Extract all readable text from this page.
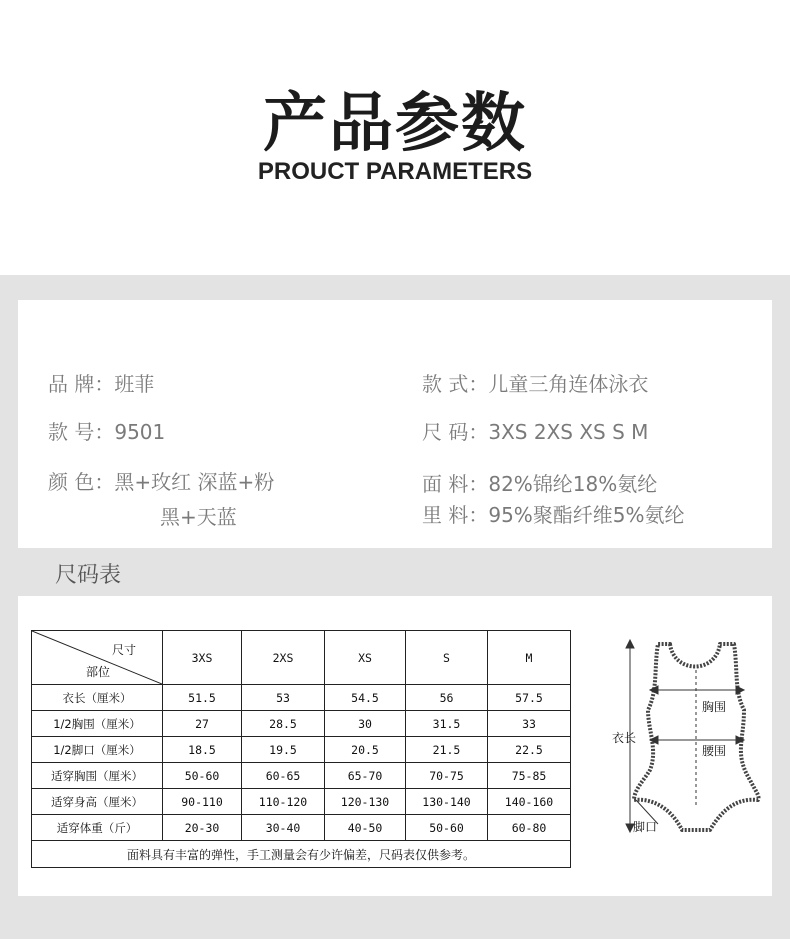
产品参数
PROUCT PARAMETERS
品 牌：班菲	款 式：儿童三角连体泳衣
款 号：9501	尺 码：3XS 2XS XS S M
颜 色：黑+玫红 深蓝+粉
黑+天蓝
面 料：82%锦纶18%氨纶
里 料：95%聚酯纤维5%氨纶
尺码表
尺寸
部位	3XS	2XS	XS	S	M
衣长（厘米）	51.5	53	54.5	56	57.5
1/2胸围（厘米）	27	28.5	30	31.5	33
1/2脚口（厘米）	18.5	19.5	20.5	21.5	22.5
适穿胸围（厘米）	50-60	60-65	65-70	70-75	75-85
适穿身高（厘米）	90-110	110-120	120-130	130-140	140-160
适穿体重（斤）	20-30	30-40	40-50	50-60	60-80
面料具有丰富的弹性，手工测量会有少许偏差，尺码表仅供参考。					
衣长
胸围
腰围
脚口
